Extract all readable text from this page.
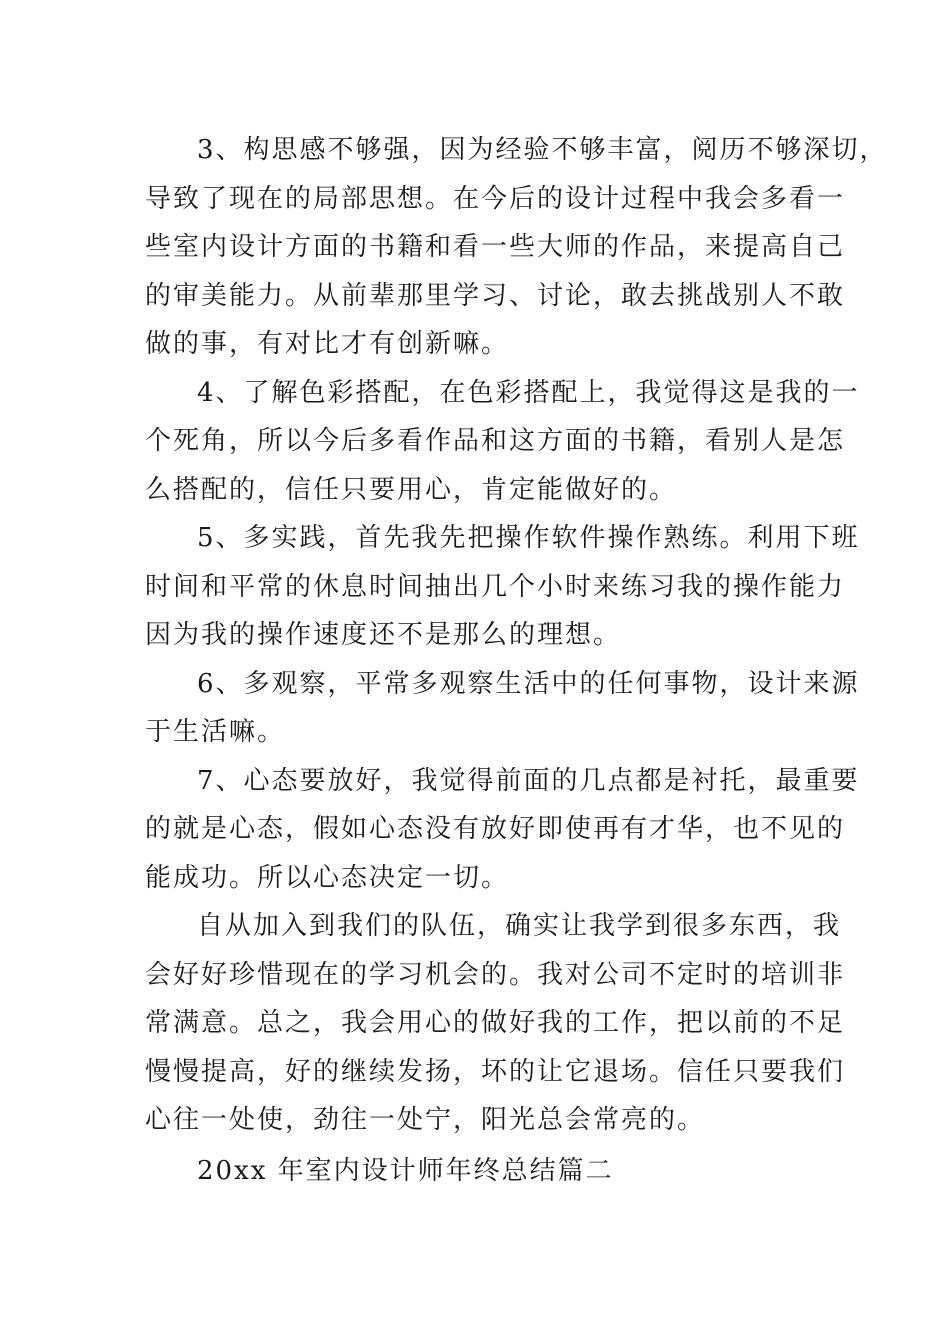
3、构思感不够强，因为经验不够丰富，阅历不够深切，
导致了现在的局部思想。在今后的设计过程中我会多看一
些室内设计方面的书籍和看一些大师的作品，来提高自己
的审美能力。从前辈那里学习、讨论，敢去挑战别人不敢
做的事，有对比才有创新嘛。
4、了解色彩搭配，在色彩搭配上，我觉得这是我的一
个死角，所以今后多看作品和这方面的书籍，看别人是怎
么搭配的，信任只要用心，肯定能做好的。
5、多实践，首先我先把操作软件操作熟练。利用下班
时间和平常的休息时间抽出几个小时来练习我的操作能力
因为我的操作速度还不是那么的理想。
6、多观察，平常多观察生活中的任何事物，设计来源
于生活嘛。
7、心态要放好，我觉得前面的几点都是衬托，最重要
的就是心态，假如心态没有放好即使再有才华，也不见的
能成功。所以心态决定一切。
自从加入到我们的队伍，确实让我学到很多东西，我
会好好珍惜现在的学习机会的。我对公司不定时的培训非
常满意。总之，我会用心的做好我的工作，把以前的不足
慢慢提高，好的继续发扬，坏的让它退场。信任只要我们
心往一处使，劲往一处宁，阳光总会常亮的。
20xx 年室内设计师年终总结篇二
